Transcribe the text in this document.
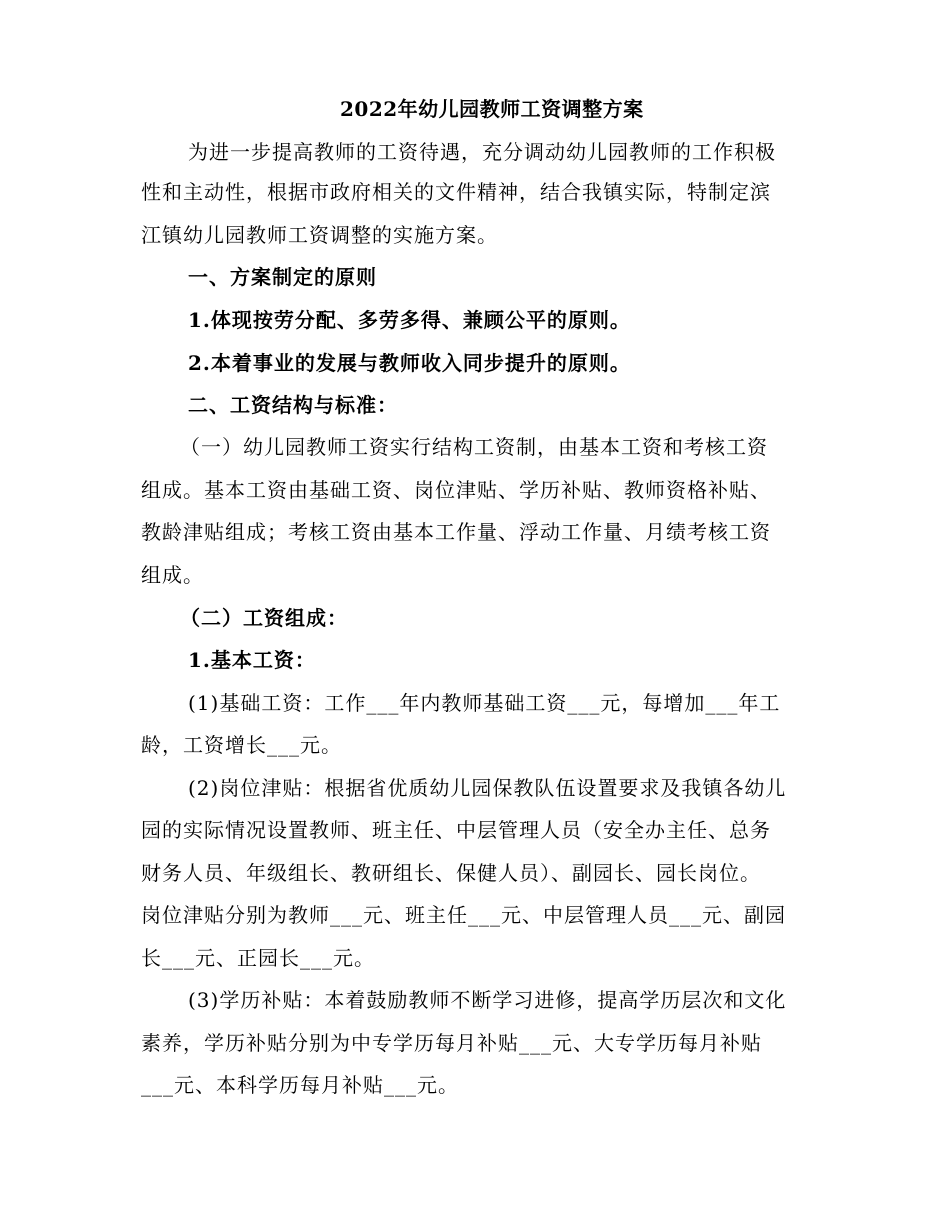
2022年幼儿园教师工资调整方案
为进一步提高教师的工资待遇，充分调动幼儿园教师的工作积极
性和主动性，根据市政府相关的文件精神，结合我镇实际，特制定滨
江镇幼儿园教师工资调整的实施方案。
一、方案制定的原则
1.体现按劳分配、多劳多得、兼顾公平的原则。
2.本着事业的发展与教师收入同步提升的原则。
二、工资结构与标准：
（一）幼儿园教师工资实行结构工资制，由基本工资和考核工资
组成。基本工资由基础工资、岗位津贴、学历补贴、教师资格补贴、
教龄津贴组成；考核工资由基本工作量、浮动工作量、月绩考核工资
组成。
（二）工资组成：
1.基本工资：
(1)基础工资：工作___年内教师基础工资___元，每增加___年工
龄，工资增长___元。
(2)岗位津贴：根据省优质幼儿园保教队伍设置要求及我镇各幼儿
园的实际情况设置教师、班主任、中层管理人员（安全办主任、总务
财务人员、年级组长、教研组长、保健人员）、副园长、园长岗位。
岗位津贴分别为教师___元、班主任___元、中层管理人员___元、副园
长___元、正园长___元。
(3)学历补贴：本着鼓励教师不断学习进修，提高学历层次和文化
素养，学历补贴分别为中专学历每月补贴___元、大专学历每月补贴
___元、本科学历每月补贴___元。
